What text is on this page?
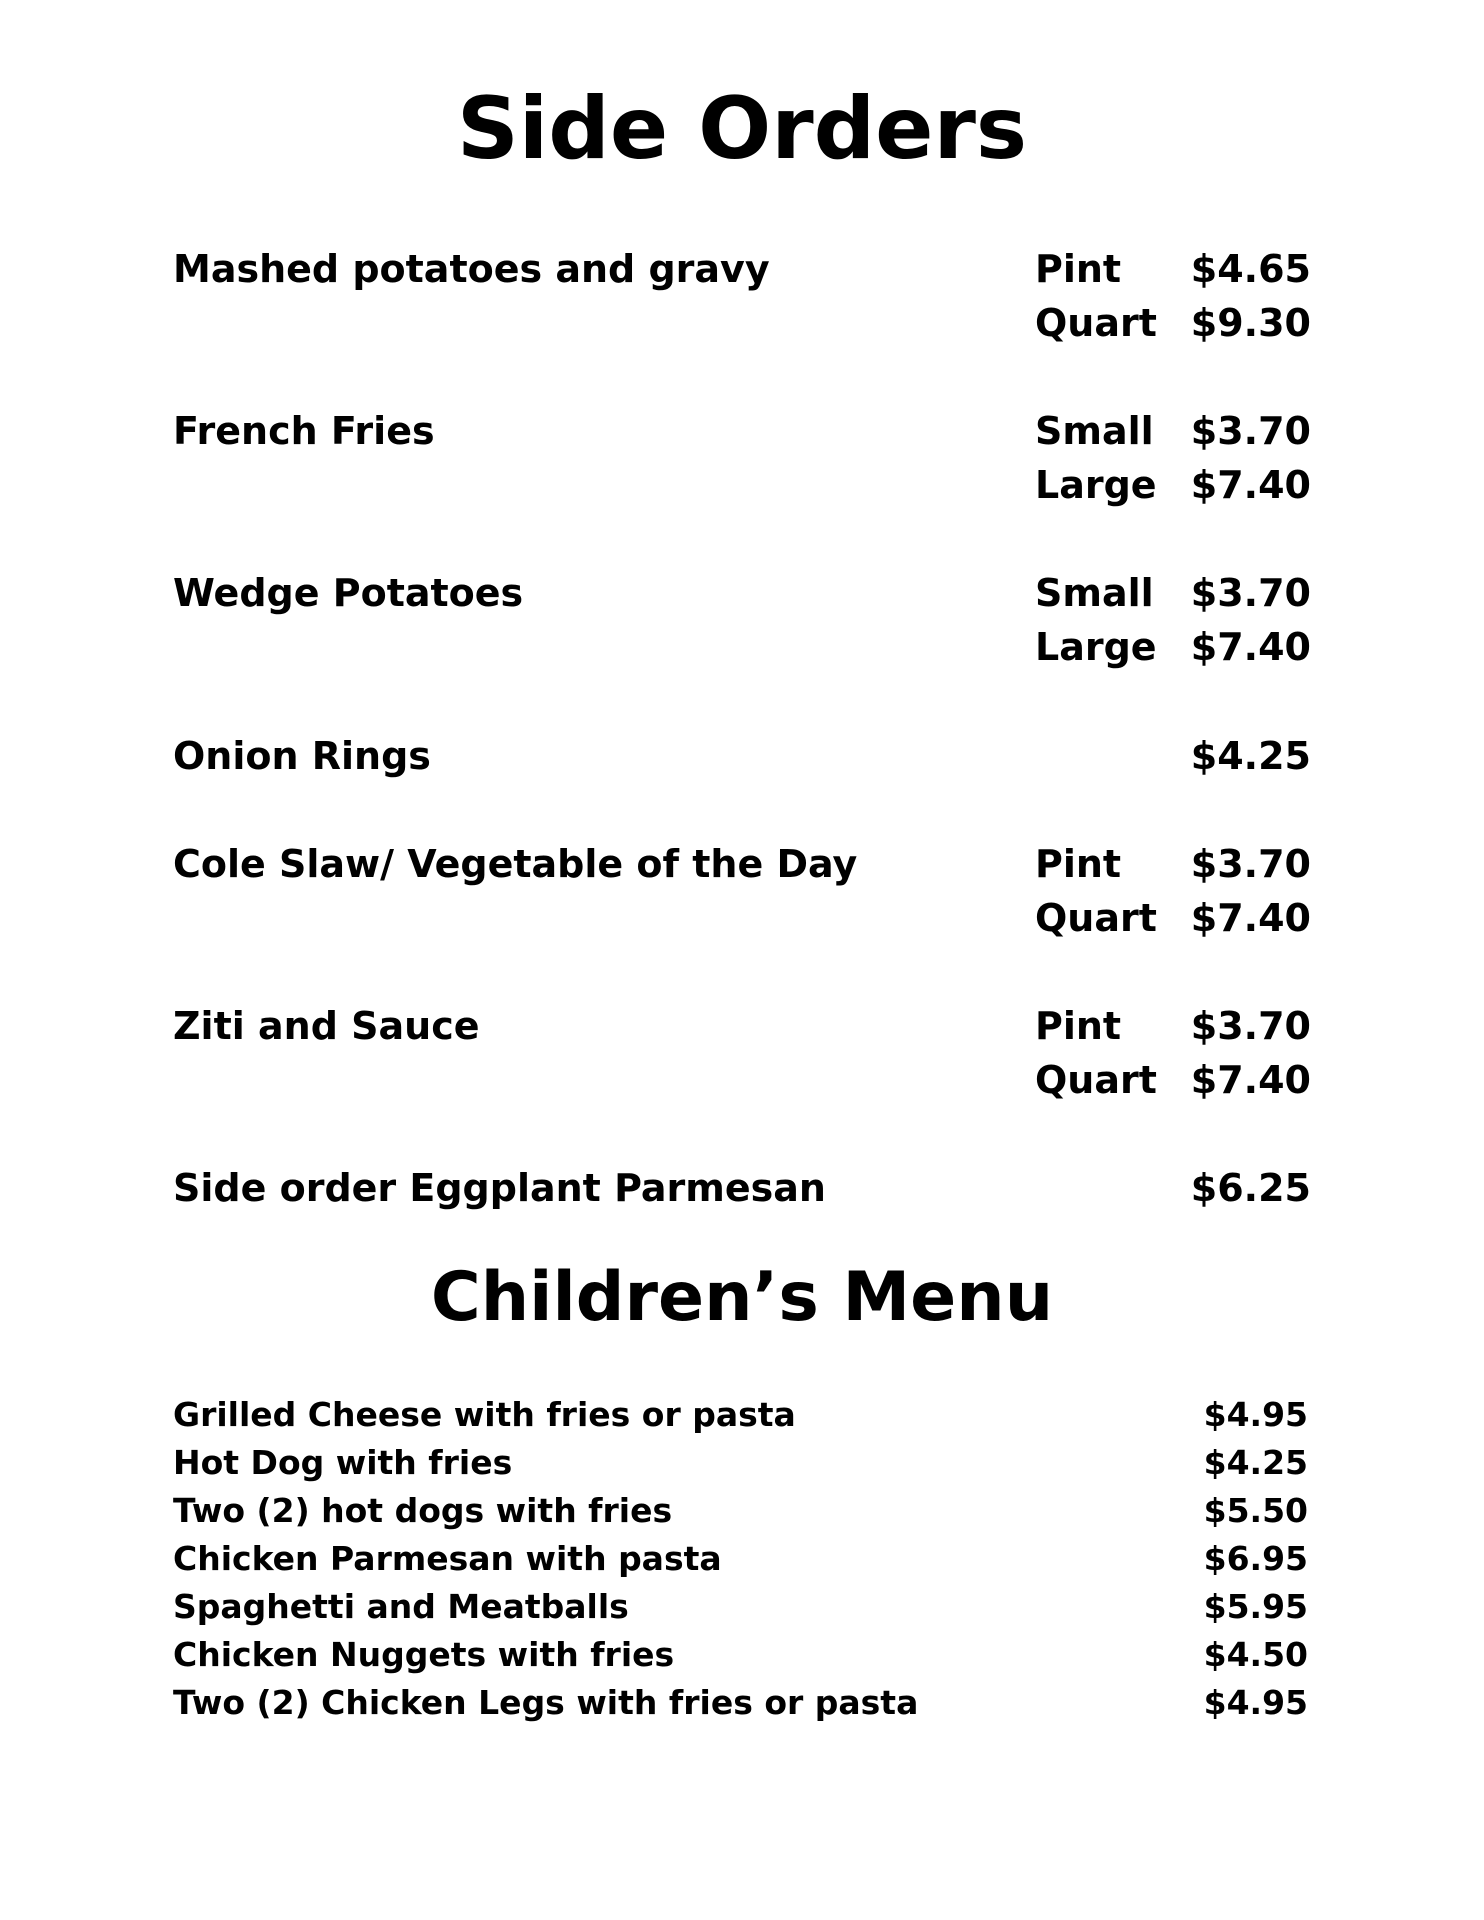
Side Orders
Mashed potatoes and gravy	Pint $4.65
Quart $9.30
French Fries	Small $3.70
Large $7.40
Wedge Potatoes	Small $3.70
Large $7.40
Onion Rings	$4.25
Cole Slaw/ Vegetable of the Day	Pint $3.70
Quart $7.40
Ziti and Sauce	Pint $3.70
Quart $7.40
Side order Eggplant Parmesan	$6.25
Children’s Menu
Grilled Cheese with fries or pasta	$4.95
Hot Dog with fries	$4.25
Two (2) hot dogs with fries	$5.50
Chicken Parmesan with pasta	$6.95
Spaghetti and Meatballs	$5.95
Chicken Nuggets with fries	$4.50
Two (2) Chicken Legs with fries or pasta	$4.95
